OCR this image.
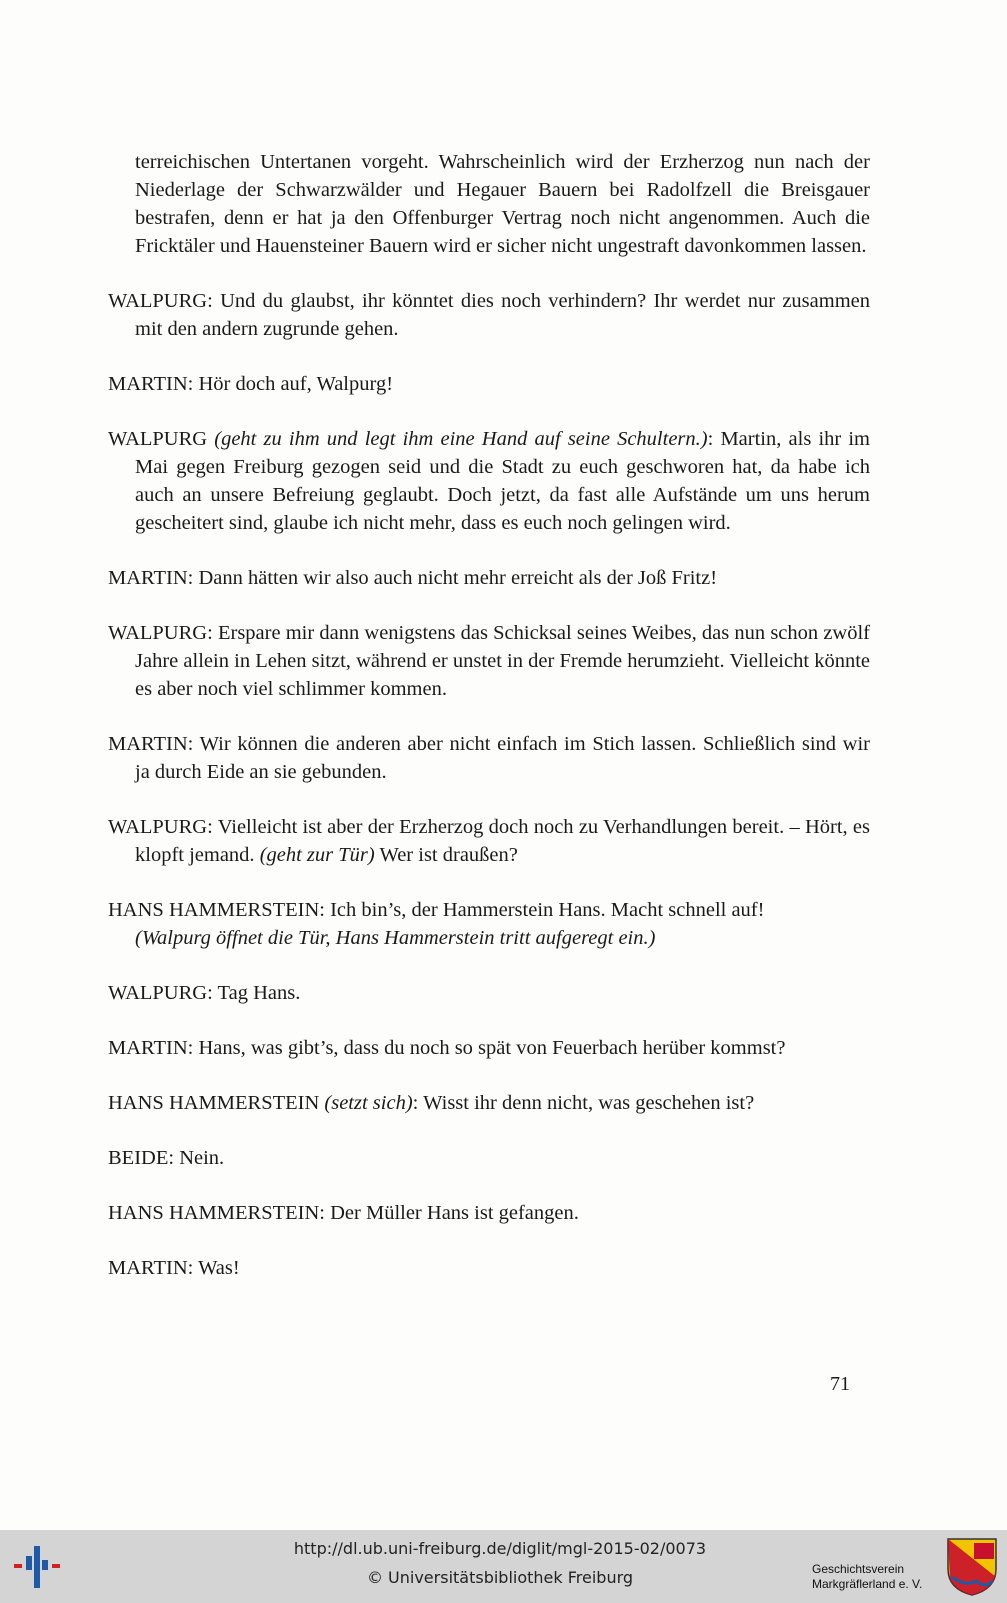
terreichischen Untertanen vorgeht. Wahrscheinlich wird der Erzherzog nun nach der Niederlage der Schwarzwälder und Hegauer Bauern bei Radolfzell die Breisgauer bestrafen, denn er hat ja den Offenburger Vertrag noch nicht angenommen. Auch die Fricktäler und Hauensteiner Bauern wird er sicher nicht ungestraft davonkommen lassen.

WALPURG: Und du glaubst, ihr könntet dies noch verhindern? Ihr werdet nur zusammen mit den andern zugrunde gehen.

MARTIN: Hör doch auf, Walpurg!

WALPURG (geht zu ihm und legt ihm eine Hand auf seine Schultern.): Martin, als ihr im Mai gegen Freiburg gezogen seid und die Stadt zu euch geschworen hat, da habe ich auch an unsere Befreiung geglaubt. Doch jetzt, da fast alle Aufstände um uns herum gescheitert sind, glaube ich nicht mehr, dass es euch noch gelingen wird.

MARTIN: Dann hätten wir also auch nicht mehr erreicht als der Joß Fritz!

WALPURG: Erspare mir dann wenigstens das Schicksal seines Weibes, das nun schon zwölf Jahre allein in Lehen sitzt, während er unstet in der Fremde herumzieht. Vielleicht könnte es aber noch viel schlimmer kommen.

MARTIN: Wir können die anderen aber nicht einfach im Stich lassen. Schließlich sind wir ja durch Eide an sie gebunden.

WALPURG: Vielleicht ist aber der Erzherzog doch noch zu Verhandlungen bereit. – Hört, es klopft jemand. (geht zur Tür) Wer ist draußen?

HANS HAMMERSTEIN: Ich bin’s, der Hammerstein Hans. Macht schnell auf!
(Walpurg öffnet die Tür, Hans Hammerstein tritt aufgeregt ein.)

WALPURG: Tag Hans.

MARTIN: Hans, was gibt’s, dass du noch so spät von Feuerbach herüber kommst?

HANS HAMMERSTEIN (setzt sich): Wisst ihr denn nicht, was geschehen ist?

BEIDE: Nein.

HANS HAMMERSTEIN: Der Müller Hans ist gefangen.

MARTIN: Was!

71
http://dl.ub.uni-freiburg.de/diglit/mgl-2015-02/0073
© Universitätsbibliothek Freiburg	Geschichtsverein
Markgräflerland e. V.
